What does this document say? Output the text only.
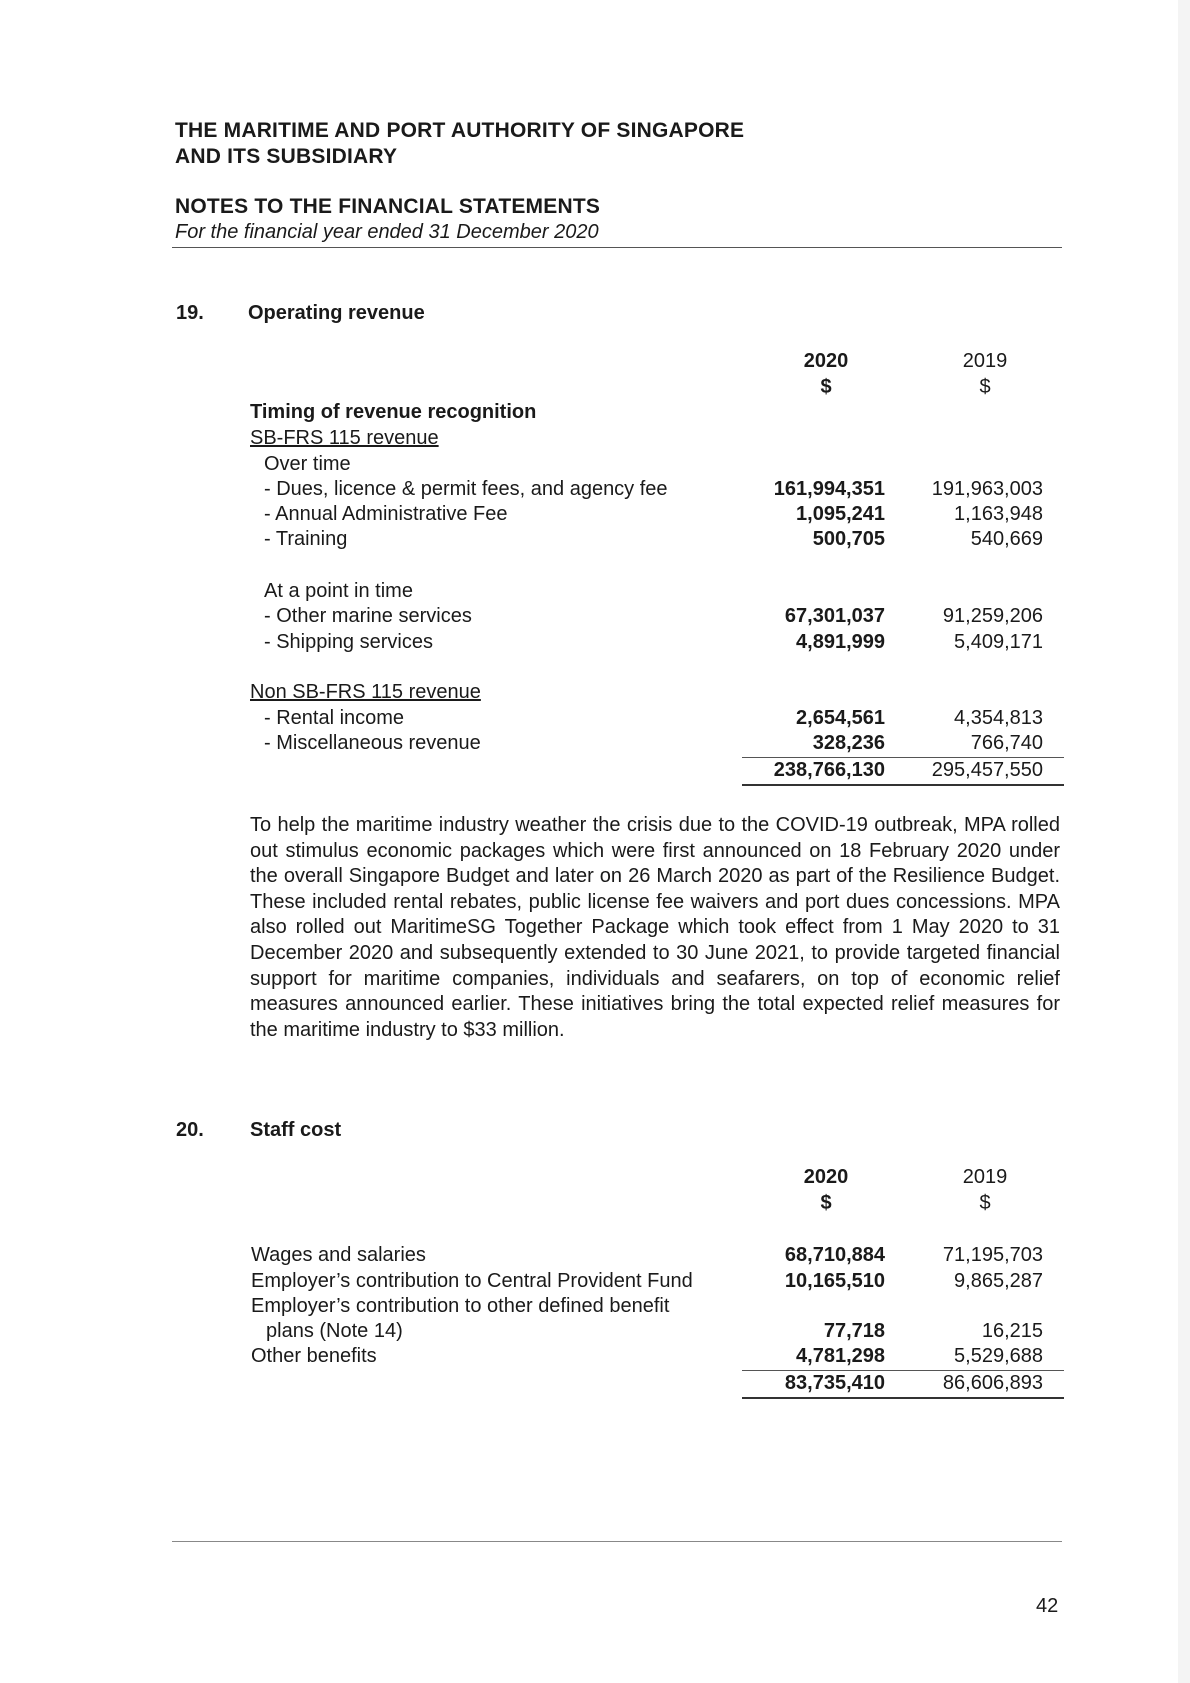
THE MARITIME AND PORT AUTHORITY OF SINGAPORE
AND ITS SUBSIDIARY
NOTES TO THE FINANCIAL STATEMENTS
For the financial year ended 31 December 2020
19. Operating revenue
2020	2019
$	$
Timing of revenue recognition
SB-FRS 115 revenue
Over time
- Dues, licence & permit fees, and agency fee	161,994,351 191,963,003
- Annual Administrative Fee	1,095,241	1,163,948
- Training	500,705	540,669
At a point in time
- Other marine services	67,301,037	91,259,206
- Shipping services	4,891,999	5,409,171
Non SB-FRS 115 revenue
- Rental income	2,654,561	4,354,813
- Miscellaneous revenue	328,236	766,740
238,766,130 295,457,550
To help the maritime industry weather the crisis due to the COVID-19 outbreak, MPA rolled out stimulus economic packages which were first announced on 18 February 2020 under the overall Singapore Budget and later on 26 March 2020 as part of the Resilience Budget. These included rental rebates, public license fee waivers and port dues concessions. MPA also rolled out MaritimeSG Together Package which took effect from 1 May 2020 to 31 December 2020 and subsequently extended to 30 June 2021, to provide targeted financial support for maritime companies, individuals and seafarers, on top of economic relief measures announced earlier. These initiatives bring the total expected relief measures for the maritime industry to $33 million.
20. Staff cost
2020	2019
$	$
Wages and salaries	68,710,884	71,195,703
Employer’s contribution to Central Provident Fund	10,165,510	9,865,287
Employer’s contribution to other defined benefit
plans (Note 14)	77,718	16,215
Other benefits	4,781,298	5,529,688
83,735,410	86,606,893
42
